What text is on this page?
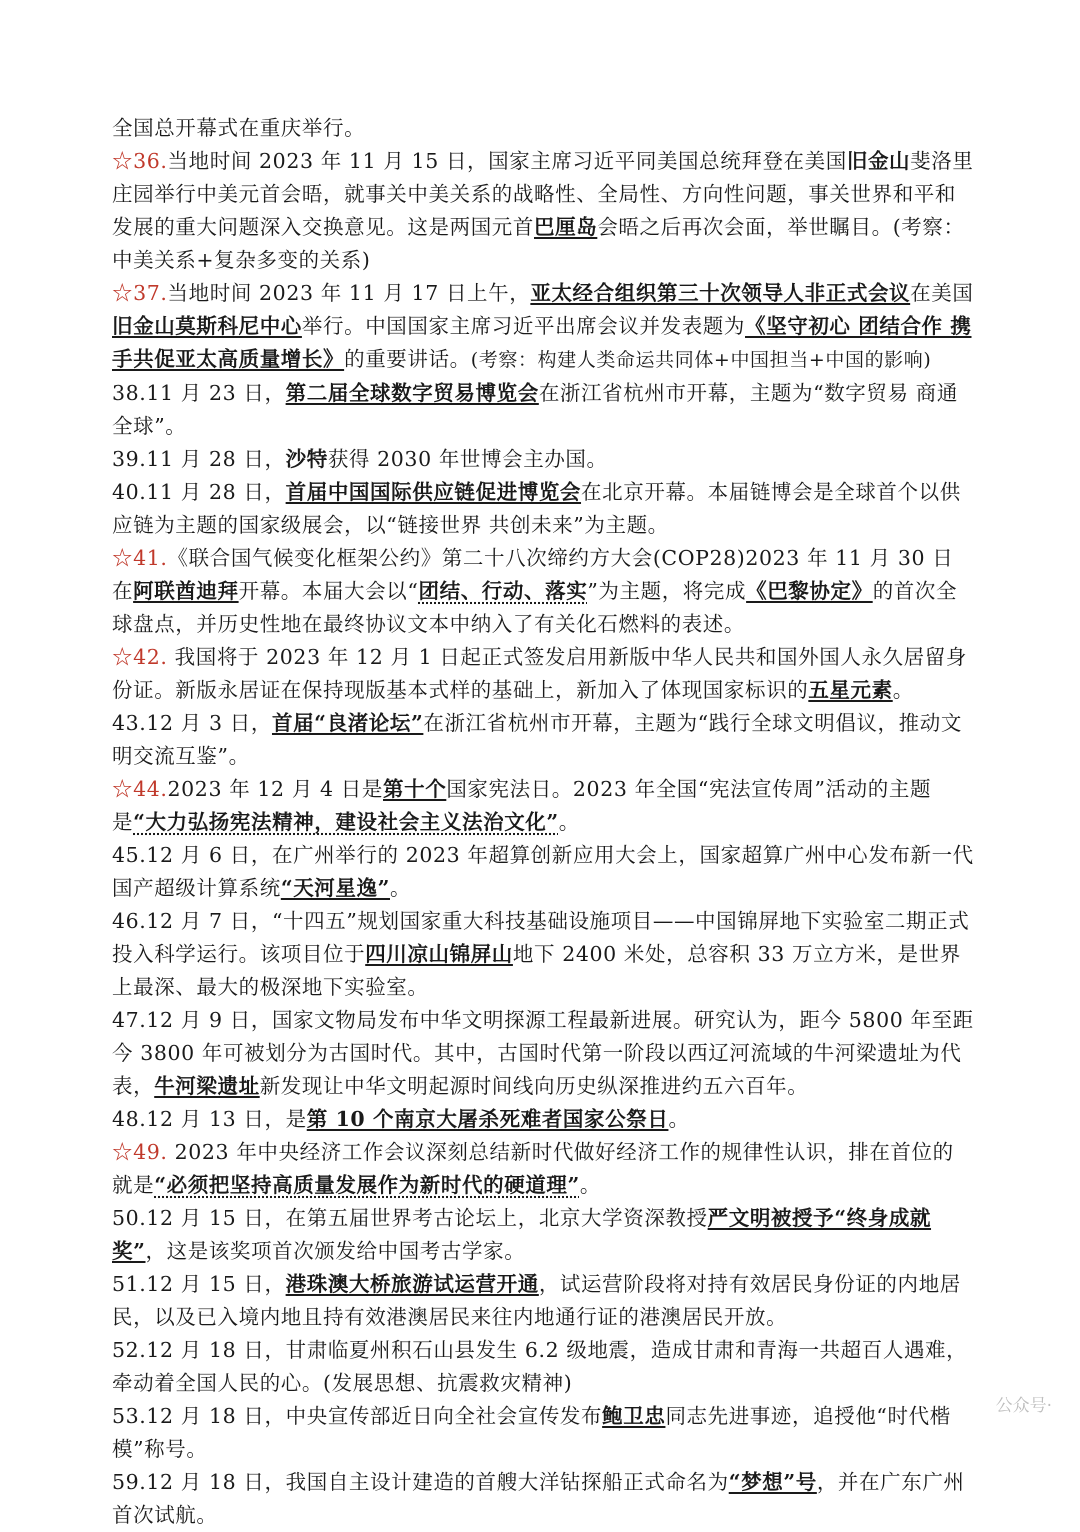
全国总开幕式在重庆举行。

☆36.当地时间 2023 年 11 月 15 日，国家主席习近平同美国总统拜登在美国旧金山斐洛里庄园举行中美元首会晤，就事关中美关系的战略性、全局性、方向性问题，事关世界和平和发展的重大问题深入交换意见。这是两国元首巴厘岛会晤之后再次会面，举世瞩目。(考察：中美关系+复杂多变的关系)

☆37.当地时间 2023 年 11 月 17 日上午，亚太经合组织第三十次领导人非正式会议在美国旧金山莫斯科尼中心举行。中国国家主席习近平出席会议并发表题为《坚守初心 团结合作 携手共促亚太高质量增长》的重要讲话。(考察：构建人类命运共同体+中国担当+中国的影响)

38.11 月 23 日，第二届全球数字贸易博览会在浙江省杭州市开幕，主题为“数字贸易 商通全球”。

39.11 月 28 日，沙特获得 2030 年世博会主办国。

40.11 月 28 日，首届中国国际供应链促进博览会在北京开幕。本届链博会是全球首个以供应链为主题的国家级展会，以“链接世界 共创未来”为主题。

☆41.《联合国气候变化框架公约》第二十八次缔约方大会(COP28)2023 年 11 月 30 日在阿联酋迪拜开幕。本届大会以“团结、行动、落实”为主题，将完成《巴黎协定》的首次全球盘点，并历史性地在最终协议文本中纳入了有关化石燃料的表述。

☆42. 我国将于 2023 年 12 月 1 日起正式签发启用新版中华人民共和国外国人永久居留身份证。新版永居证在保持现版基本式样的基础上，新加入了体现国家标识的五星元素。

43.12 月 3 日，首届“良渚论坛”在浙江省杭州市开幕，主题为“践行全球文明倡议，推动文明交流互鉴”。

☆44.2023 年 12 月 4 日是第十个国家宪法日。2023 年全国“宪法宣传周”活动的主题是“大力弘扬宪法精神，建设社会主义法治文化”。

45.12 月 6 日，在广州举行的 2023 年超算创新应用大会上，国家超算广州中心发布新一代国产超级计算系统“天河星逸”。

46.12 月 7 日，“十四五”规划国家重大科技基础设施项目——中国锦屏地下实验室二期正式投入科学运行。该项目位于四川凉山锦屏山地下 2400 米处，总容积 33 万立方米，是世界上最深、最大的极深地下实验室。

47.12 月 9 日，国家文物局发布中华文明探源工程最新进展。研究认为，距今 5800 年至距今 3800 年可被划分为古国时代。其中，古国时代第一阶段以西辽河流域的牛河梁遗址为代表，牛河梁遗址新发现让中华文明起源时间线向历史纵深推进约五六百年。

48.12 月 13 日，是第 10 个南京大屠杀死难者国家公祭日。

☆49. 2023 年中央经济工作会议深刻总结新时代做好经济工作的规律性认识，排在首位的就是“必须把坚持高质量发展作为新时代的硬道理”。

50.12 月 15 日，在第五届世界考古论坛上，北京大学资深教授严文明被授予“终身成就奖”，这是该奖项首次颁发给中国考古学家。

51.12 月 15 日，港珠澳大桥旅游试运营开通，试运营阶段将对持有效居民身份证的内地居民，以及已入境内地且持有效港澳居民来往内地通行证的港澳居民开放。

52.12 月 18 日，甘肃临夏州积石山县发生 6.2 级地震，造成甘肃和青海一共超百人遇难，牵动着全国人民的心。(发展思想、抗震救灾精神)

53.12 月 18 日，中央宣传部近日向全社会宣传发布鲍卫忠同志先进事迹，追授他“时代楷模”称号。

59.12 月 18 日，我国自主设计建造的首艘大洋钻探船正式命名为“梦想”号，并在广东广州首次试航。	公众号·
